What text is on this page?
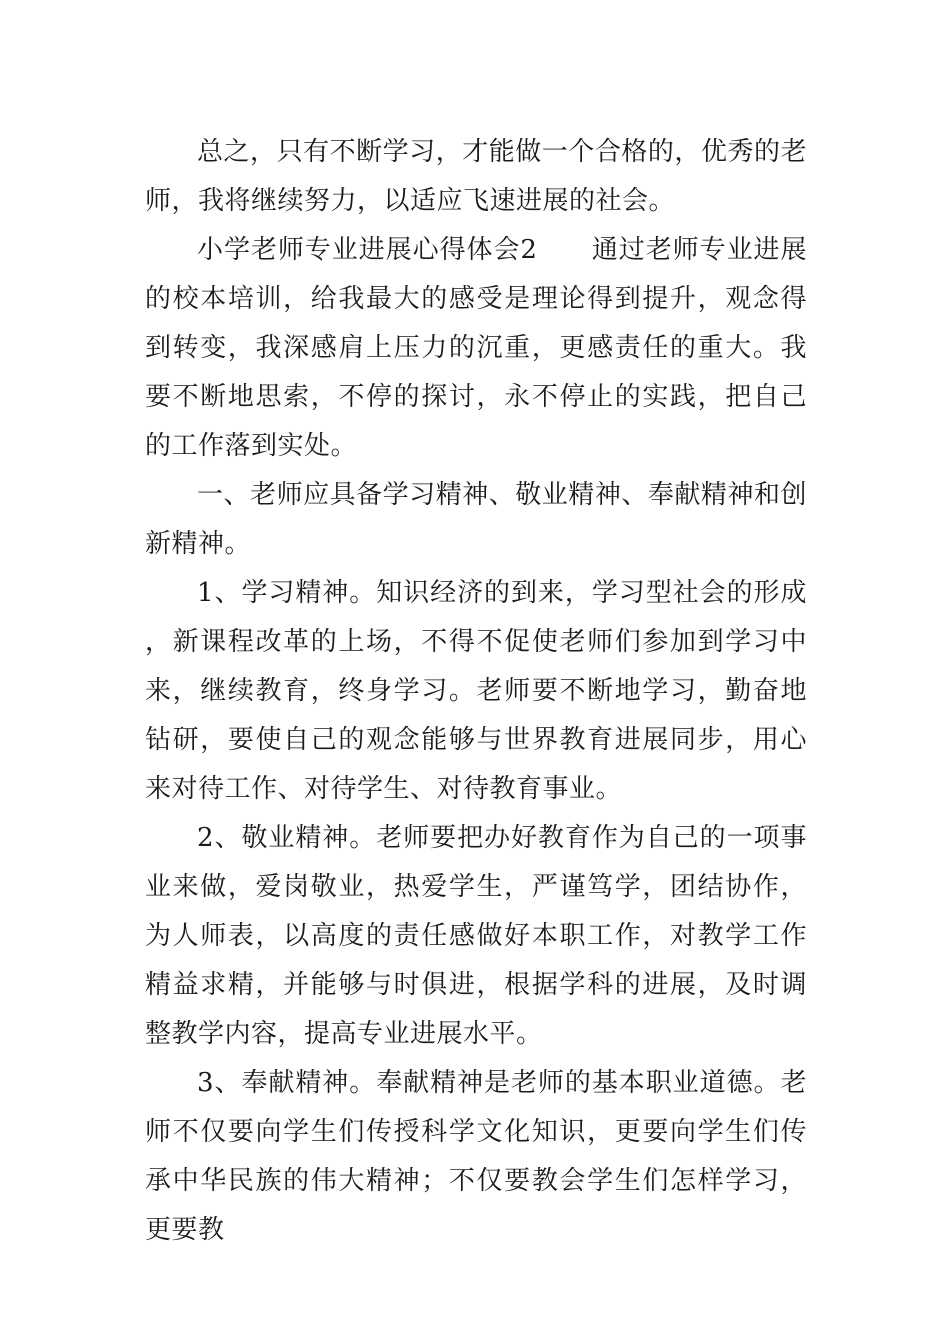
总之，只有不断学习，才能做一个合格的，优秀的老师，我将继续努力，以适应飞速进展的社会。

小学老师专业进展心得体会2　　通过老师专业进展的校本培训，给我最大的感受是理论得到提升，观念得到转变，我深感肩上压力的沉重，更感责任的重大。我要不断地思索，不停的探讨，永不停止的实践，把自己的工作落到实处。

一、老师应具备学习精神、敬业精神、奉献精神和创新精神。

1、学习精神。知识经济的到来，学习型社会的形成，新课程改革的上场，不得不促使老师们参加到学习中来，继续教育，终身学习。老师要不断地学习，勤奋地钻研，要使自己的观念能够与世界教育进展同步，用心来对待工作、对待学生、对待教育事业。

2、敬业精神。老师要把办好教育作为自己的一项事业来做，爱岗敬业，热爱学生，严谨笃学，团结协作，为人师表，以高度的责任感做好本职工作，对教学工作精益求精，并能够与时俱进，根据学科的进展，及时调整教学内容，提高专业进展水平。

3、奉献精神。奉献精神是老师的基本职业道德。老师不仅要向学生们传授科学文化知识，更要向学生们传承中华民族的伟大精神；不仅要教会学生们怎样学习，更要教
